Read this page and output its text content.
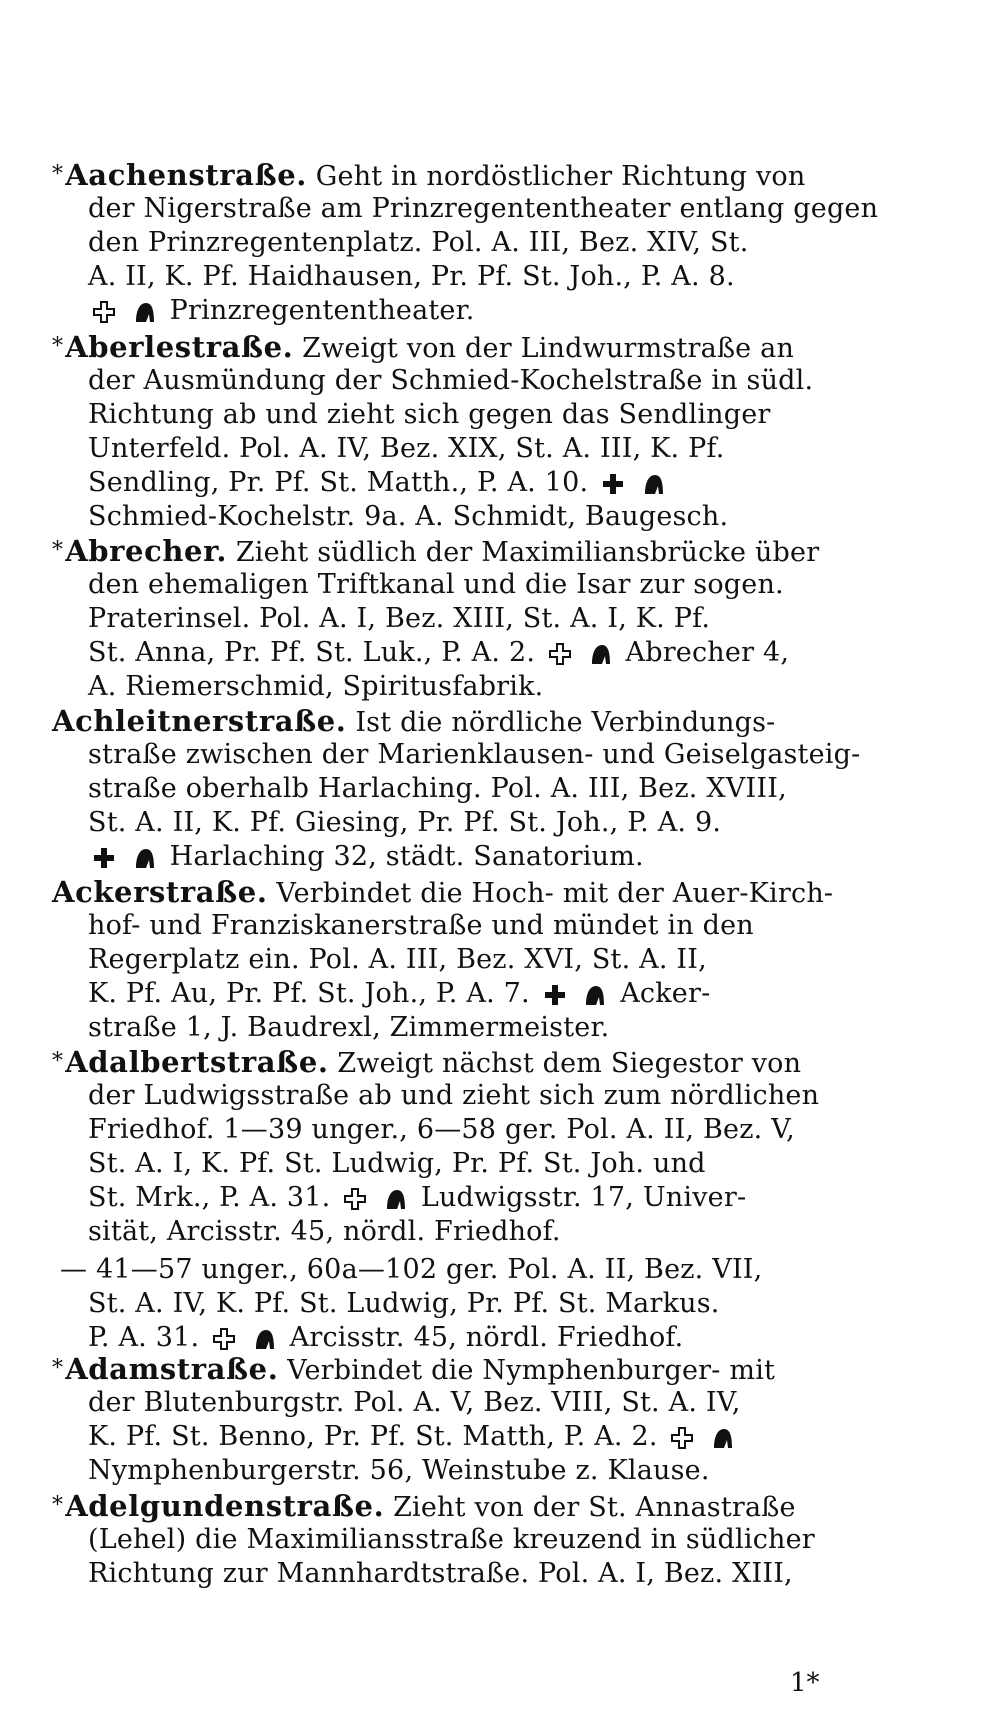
*Aachenstraße. Geht in nordöstlicher Richtung von
der Nigerstraße am Prinzregententheater entlang gegen
den Prinzregentenplatz. Pol. A. III, Bez. XIV, St.
A. II, K. Pf. Haidhausen, Pr. Pf. St. Joh., P. A. 8.
Prinzregententheater.
*Aberlestraße. Zweigt von der Lindwurmstraße an
der Ausmündung der Schmied-Kochelstraße in südl.
Richtung ab und zieht sich gegen das Sendlinger
Unterfeld. Pol. A. IV, Bez. XIX, St. A. III, K. Pf.
Sendling, Pr. Pf. St. Matth., P. A. 10.
Schmied-Kochelstr. 9a. A. Schmidt, Baugesch.
*Abrecher. Zieht südlich der Maximiliansbrücke über
den ehemaligen Triftkanal und die Isar zur sogen.
Praterinsel. Pol. A. I, Bez. XIII, St. A. I, K. Pf.
St. Anna, Pr. Pf. St. Luk., P. A. 2.	Abrecher 4,
A. Riemerschmid, Spiritusfabrik.
Achleitnerstraße. Ist die nördliche Verbindungs-
straße zwischen der Marienklausen- und Geiselgasteig-
straße oberhalb Harlaching. Pol. A. III, Bez. XVIII,
St. A. II, K. Pf. Giesing, Pr. Pf. St. Joh., P. A. 9.
Harlaching 32, städt. Sanatorium.
Ackerstraße. Verbindet die Hoch- mit der Auer-Kirch-
hof- und Franziskanerstraße und mündet in den
Regerplatz ein. Pol. A. III, Bez. XVI, St. A. II,
K. Pf. Au, Pr. Pf. St. Joh., P. A. 7.	Acker-
straße 1, J. Baudrexl, Zimmermeister.
*Adalbertstraße. Zweigt nächst dem Siegestor von
der Ludwigsstraße ab und zieht sich zum nördlichen
Friedhof. 1—39 unger., 6—58 ger. Pol. A. II, Bez. V,
St. A. I, K. Pf. St. Ludwig, Pr. Pf. St. Joh. und
St. Mrk., P. A. 31.	Ludwigsstr. 17, Univer-
sität, Arcisstr. 45, nördl. Friedhof.
— 41—57 unger., 60a—102 ger. Pol. A. II, Bez. VII,
St. A. IV, K. Pf. St. Ludwig, Pr. Pf. St. Markus.
P. A. 31.	Arcisstr. 45, nördl. Friedhof.
*Adamstraße. Verbindet die Nymphenburger- mit
der Blutenburgstr. Pol. A. V, Bez. VIII, St. A. IV,
K. Pf. St. Benno, Pr. Pf. St. Matth, P. A. 2.
Nymphenburgerstr. 56, Weinstube z. Klause.
*Adelgundenstraße. Zieht von der St. Annastraße
(Lehel) die Maximiliansstraße kreuzend in südlicher
Richtung zur Mannhardtstraße. Pol. A. I, Bez. XIII,
1*
